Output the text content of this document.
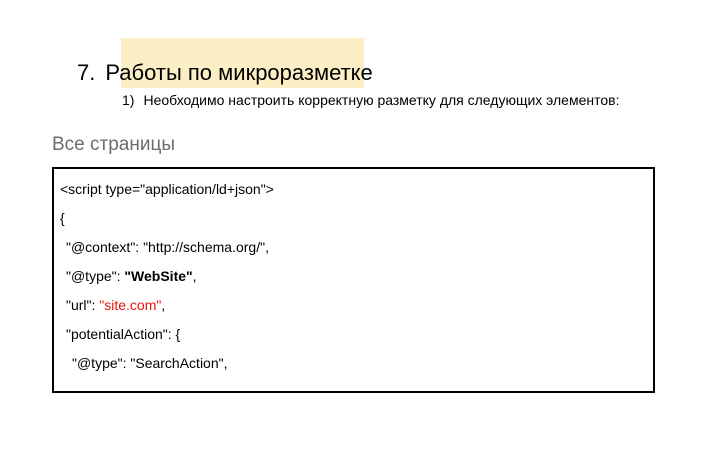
7. Работы по микроразметке
1) Необходимо настроить корректную разметку для следующих элементов:
Все страницы
<script type="application/ld+json">
{
"@context": "http://schema.org/",
"@type": "WebSite",
"url": "site.com",
"potentialAction": {
"@type": "SearchAction",
